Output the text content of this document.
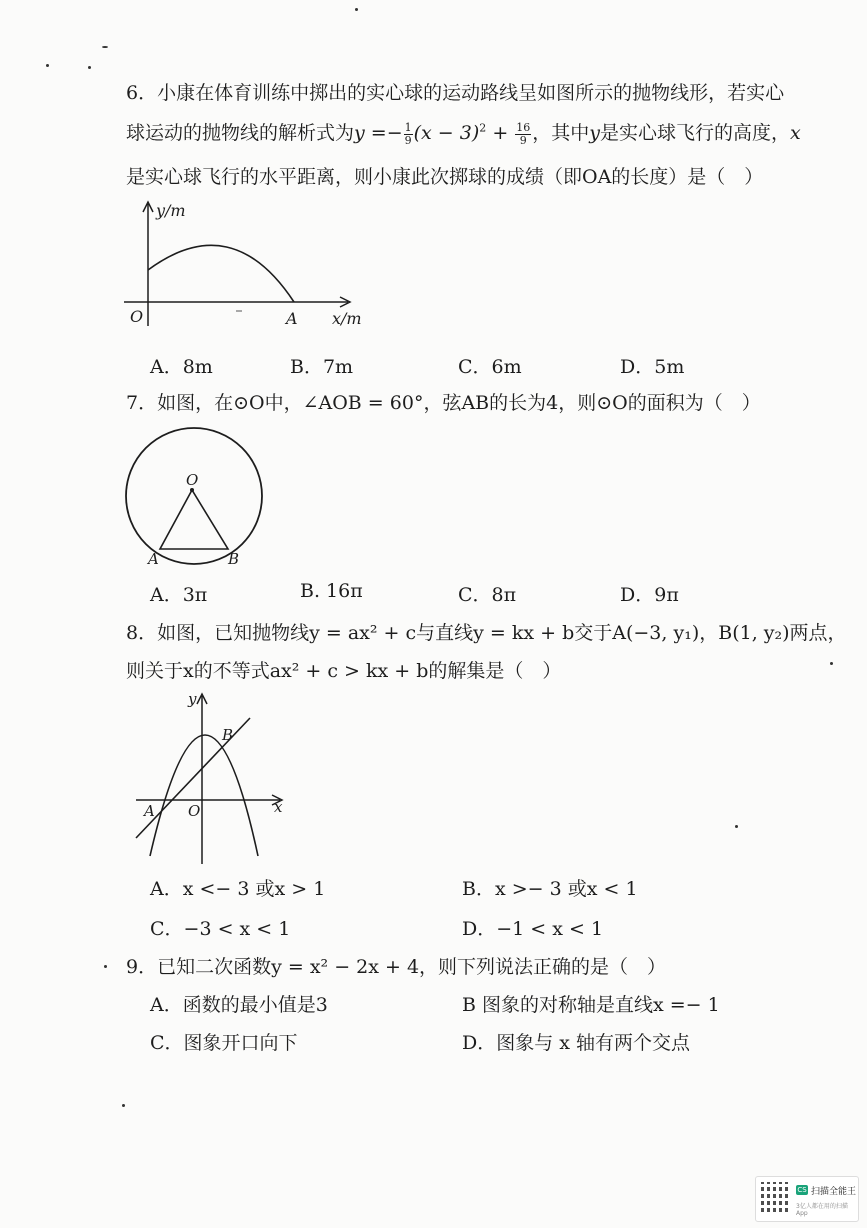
6．小康在体育训练中掷出的实心球的运动路线呈如图所示的抛物线形，若实心
球运动的抛物线的解析式为$y =- \frac{1}{9} (x - 3)^2 + \frac{16}{9}$ ，其中y是实心球飞行的高度，x
是实心球飞行的水平距离，则小康此次掷球的成绩（即OA的长度）是（　）
y/m
x/m
O	A
A．8m	B．7m	C．6m	D．5m
7．如图，在⊙O中，∠AOB = 60°，弦AB的长为4，则⊙O的面积为（　）
O
A	B
A．3π	B. 16π	C．8π	D．9π
8．如图，已知抛物线y = ax² + c与直线y = kx + b交于A(−3, y₁)，B(1, y₂)两点，
则关于x的不等式ax² + c > kx + b的解集是（　）
y
x
O
A
B
A．x <− 3 或x > 1	B．x >− 3 或x < 1
C．−3 < x < 1	D．−1 < x < 1
9．已知二次函数y = x² − 2x + 4，则下列说法正确的是（　）
A．函数的最小值是3	B 图象的对称轴是直线x =− 1
C．图象开口向下	D．图象与 x 轴有两个交点
CS 扫描全能王
3亿人都在用的扫描App
